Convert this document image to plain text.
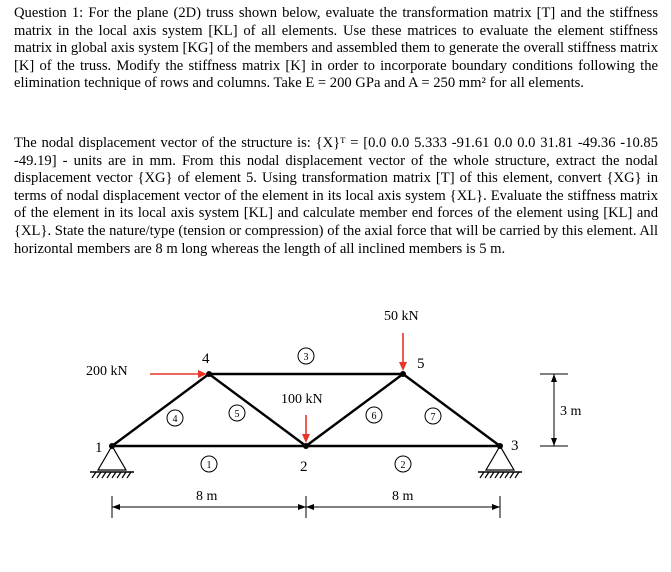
Question 1: For the plane (2D) truss shown below, evaluate the transformation matrix [T] and the stiffness matrix in the local axis system [KL] of all elements. Use these matrices to evaluate the element stiffness matrix in global axis system [KG] of the members and assembled them to generate the overall stiffness matrix [K] of the truss. Modify the stiffness matrix [K] in order to incorporate boundary conditions following the elimination technique of rows and columns. Take E = 200 GPa and A = 250 mm² for all elements.

The nodal displacement vector of the structure is: {X}ᵀ = [0.0 0.0 5.333 -91.61 0.0 0.0 31.81 -49.36 -10.85 -49.19] - units are in mm. From this nodal displacement vector of the whole structure, extract the nodal displacement vector {XG} of element 5. Using transformation matrix [T] of this element, convert {XG} in terms of nodal displacement vector of the element in its local axis system {XL}. Evaluate the stiffness matrix of the element in its local axis system [KL] and calculate member end forces of the element using [KL] and {XL}. State the nature/type (tension or compression) of the axial force that will be carried by this element. All horizontal members are 8 m long whereas the length of all inclined members is 5 m.

200 kN
50 kN
100 kN
1
2
3
4	5
1	2
3
4	5	6	7
8 m	8 m
3 m
